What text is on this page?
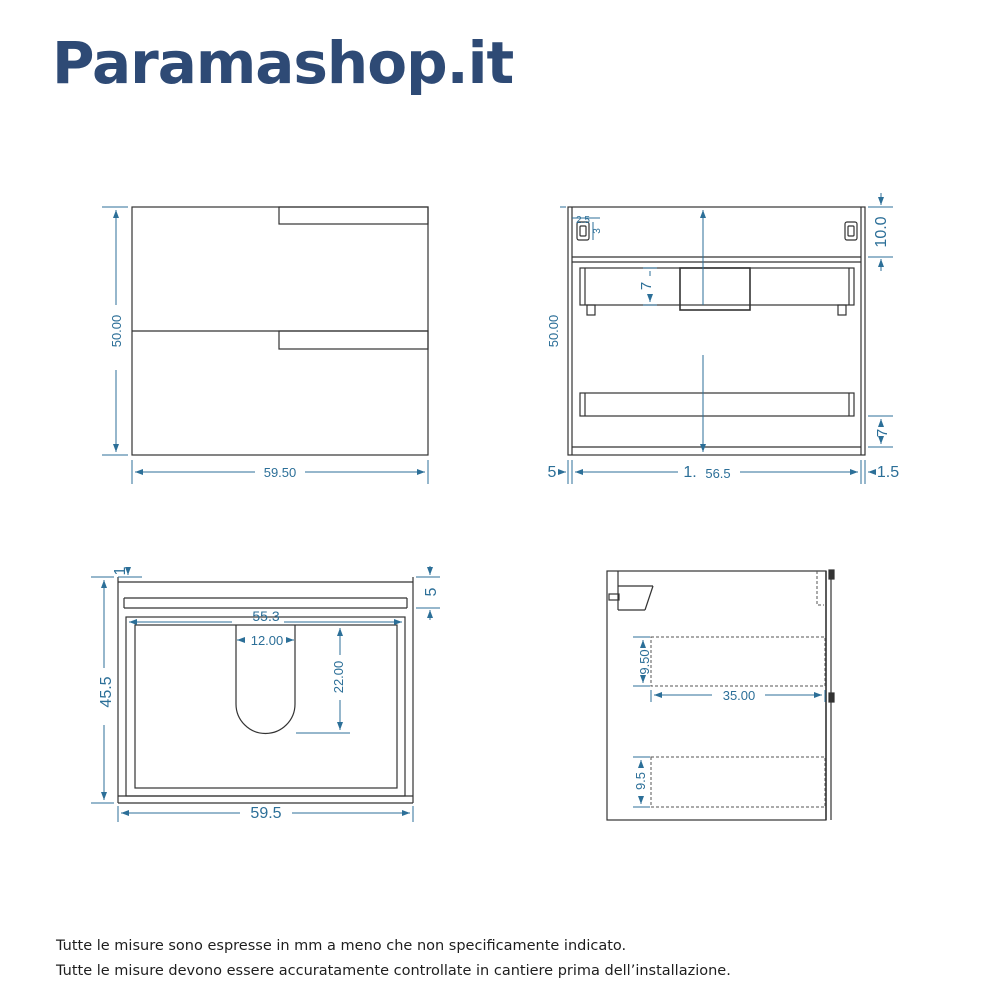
Paramashop.it
50.00
59.50
2.5
3	10.0
7
50.00
7
5	1. 56.5	1.5
1
5
55.3
12.00
22.00
45.5
59.5
9.50
35.00
9.5

Tutte le misure sono espresse in mm a meno che non specificamente indicato.

Tutte le misure devono essere accuratamente controllate in cantiere prima dell’installazione.
